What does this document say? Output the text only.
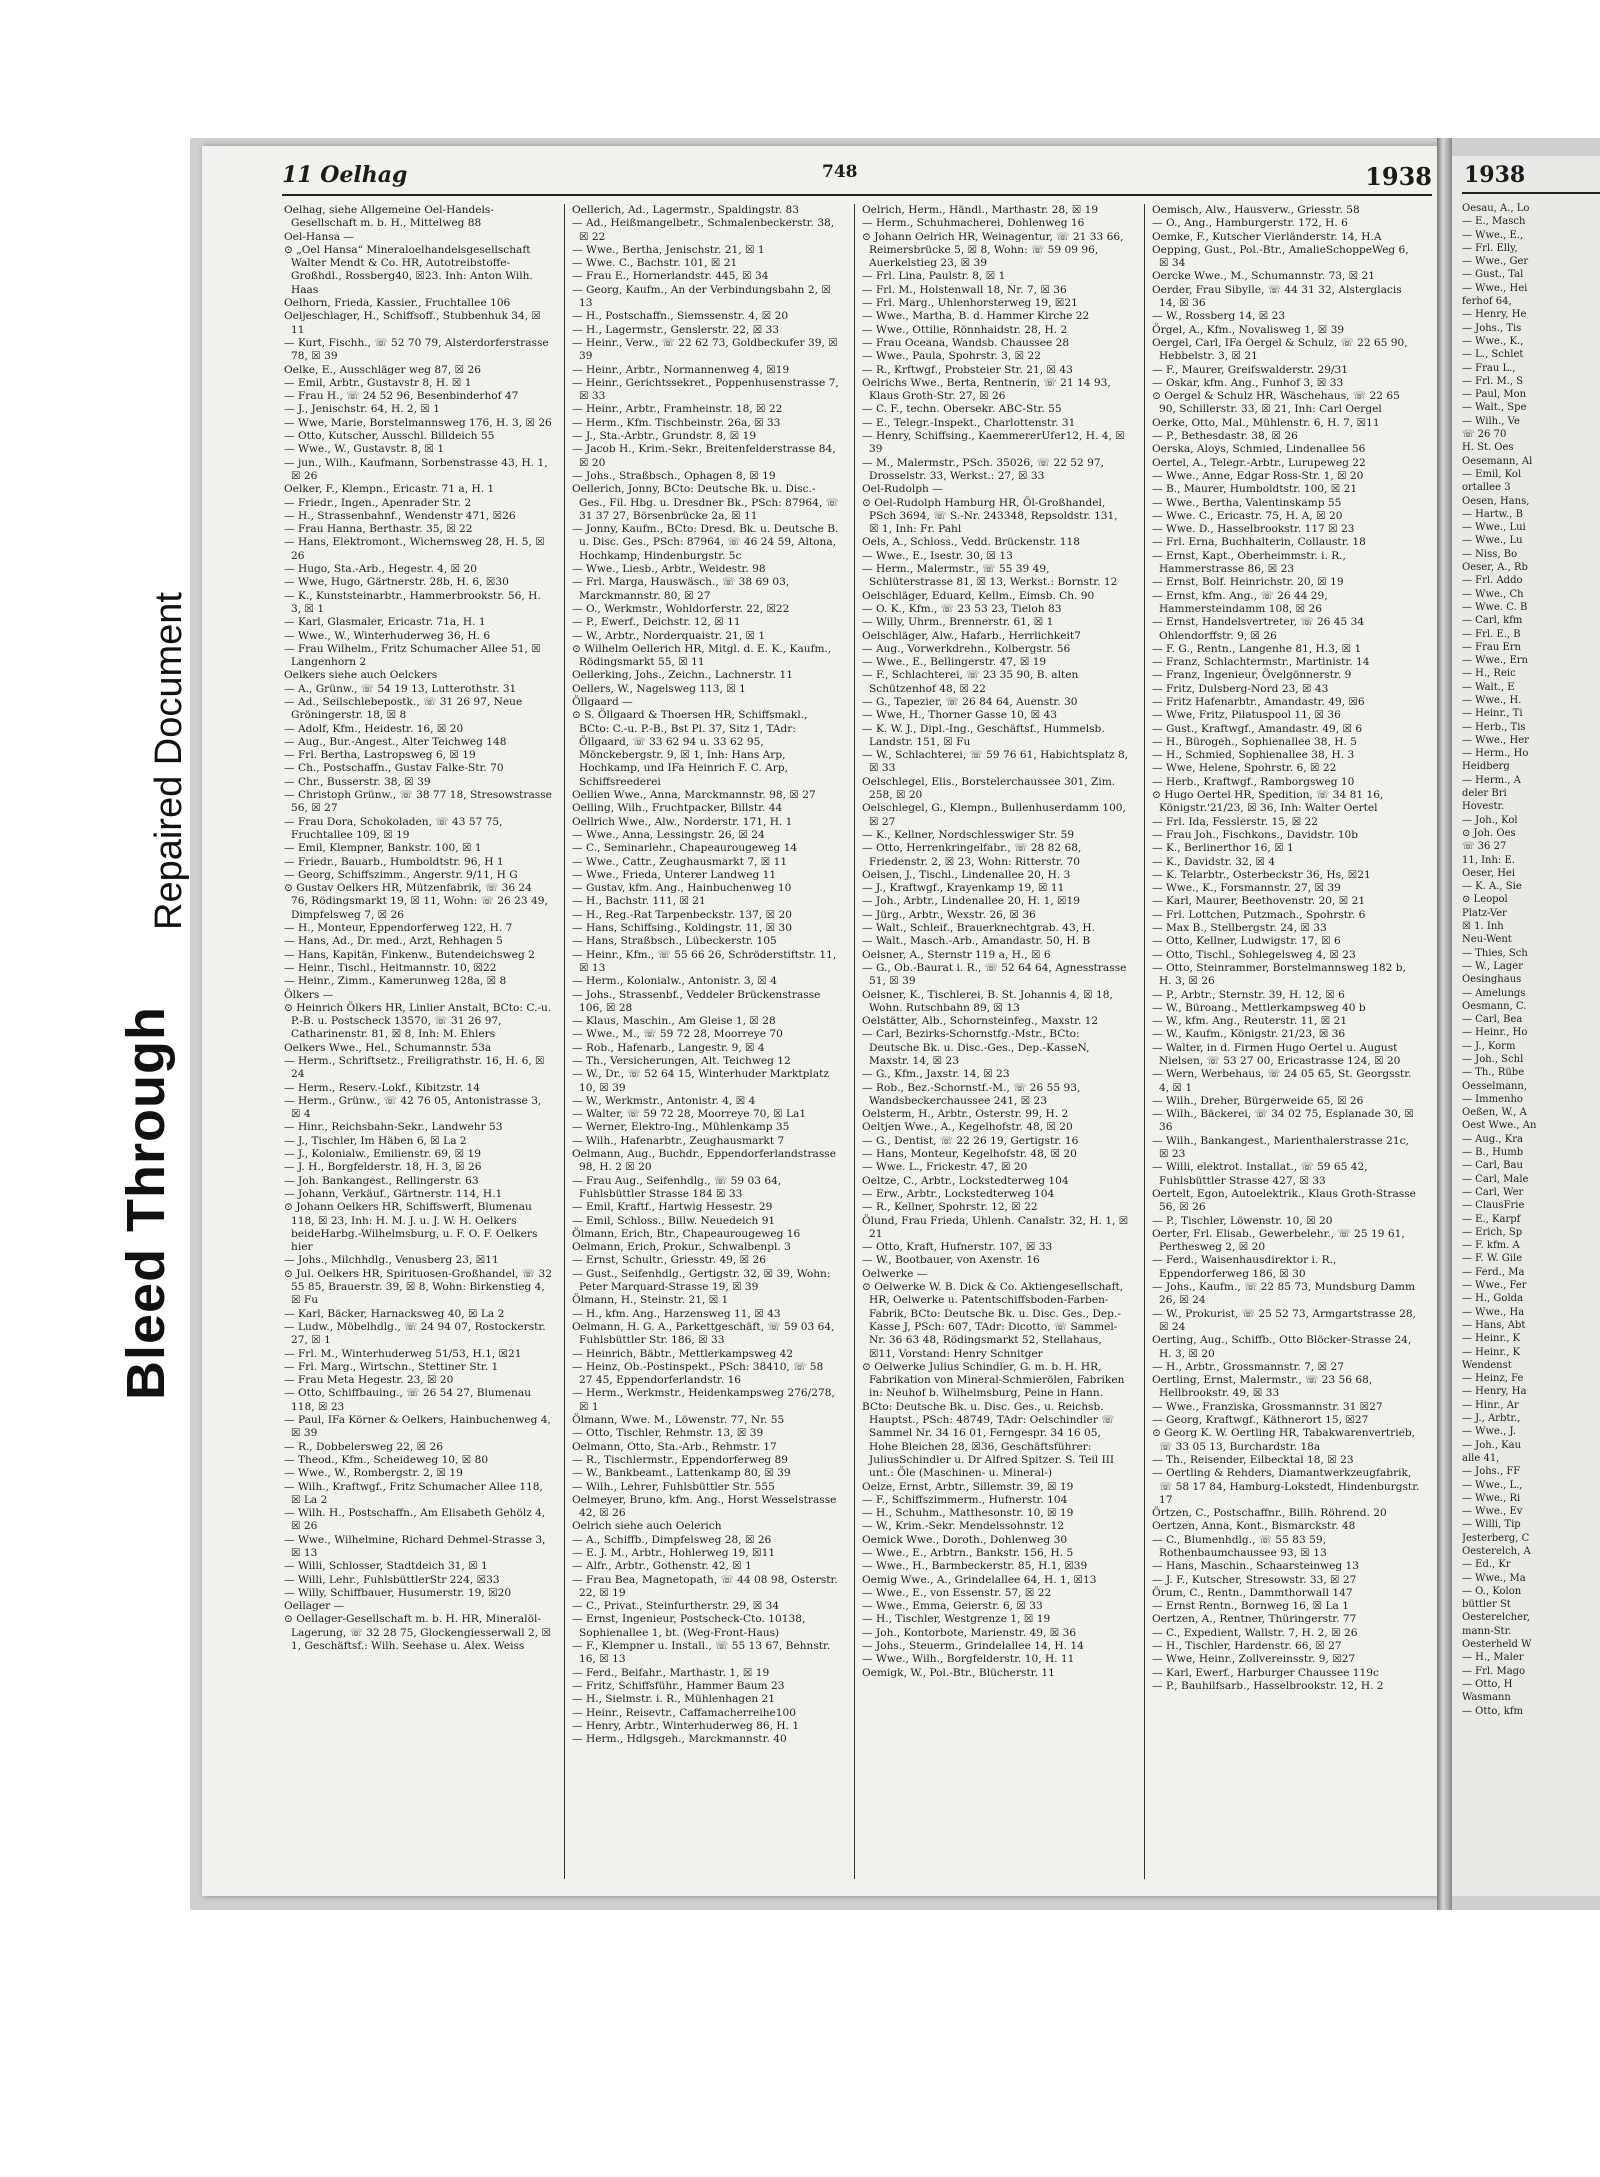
Bleed Through
Repaired Document
11 Oelhag	748	1938

Oelhag, siehe Allgemeine Oel-Handels-Gesellschaft m. b. H., Mittelweg 88

Oel-Hansa —

⊙ „Oel Hansa“ Mineraloelhandelsgesellschaft Walter Mendt & Co. HR, Autotreibstoffe-Großhdl., Rossberg40, ☒23. Inh: Anton Wilh. Haas

Oelhorn, Frieda, Kassier., Fruchtallee 106

Oeljeschlager, H., Schiffsoff., Stubbenhuk 34, ☒ 11

— Kurt, Fischh., ☏ 52 70 79, Alsterdorferstrasse 78, ☒ 39

Oelke, E., Ausschläger weg 87, ☒ 26

— Emil, Arbtr., Gustavstr 8, H. ☒ 1

— Frau H., ☏ 24 52 96, Besenbinderhof 47

— J., Jenischstr. 64, H. 2, ☒ 1

— Wwe, Marie, Borstelmannsweg 176, H. 3, ☒ 26

— Otto, Kutscher, Ausschl. Billdeich 55

— Wwe., W., Gustavstr. 8, ☒ 1

— jun., Wilh., Kaufmann, Sorbenstrasse 43, H. 1, ☒ 26

Oelker, F., Klempn., Ericastr. 71 a, H. 1

— Friedr., Ingen., Apenrader Str. 2

— H., Strassenbahnf., Wendenstr 471, ☒26

— Frau Hanna, Berthastr. 35, ☒ 22

— Hans, Elektromont., Wichernsweg 28, H. 5, ☒ 26

— Hugo, Sta.-Arb., Hegestr. 4, ☒ 20

— Wwe, Hugo, Gärtnerstr. 28b, H. 6, ☒30

— K., Kunststeinarbtr., Hammerbrookstr. 56, H. 3, ☒ 1

— Karl, Glasmaler, Ericastr. 71a, H. 1

— Wwe., W., Winterhuderweg 36, H. 6

— Frau Wilhelm., Fritz Schumacher Allee 51, ☒ Langenhorn 2

Oelkers siehe auch Oelckers

— A., Grünw., ☏ 54 19 13, Lutterothstr. 31

— Ad., Seilschlebepostk., ☏ 31 26 97, Neue Gröningerstr. 18, ☒ 8

— Adolf, Kfm., Heidestr. 16, ☒ 20

— Aug., Bur.-Angest., Alter Teichweg 148

— Frl. Bertha, Lastropsweg 6, ☒ 19

— Ch., Postschaffn., Gustav Falke-Str. 70

— Chr., Busserstr. 38, ☒ 39

— Christoph Grünw., ☏ 38 77 18, Stresowstrasse 56, ☒ 27

— Frau Dora, Schokoladen, ☏ 43 57 75, Fruchtallee 109, ☒ 19

— Emil, Klempner, Bankstr. 100, ☒ 1

— Friedr., Bauarb., Humboldtstr. 96, H 1

— Georg, Schiffszimm., Angerstr. 9/11, H G

⊙ Gustav Oelkers HR, Mützenfabrik, ☏ 36 24 76, Rödingsmarkt 19, ☒ 11, Wohn: ☏ 26 23 49, Dimpfelsweg 7, ☒ 26

— H., Monteur, Eppendorferweg 122, H. 7

— Hans, Ad., Dr. med., Arzt, Rehhagen 5

— Hans, Kapitän, Finkenw., Butendeichsweg 2

— Heinr., Tischl., Heitmannstr. 10, ☒22

— Heinr., Zimm., Kamerunweg 128a, ☒ 8

Ölkers —

⊙ Heinrich Ölkers HR, Linlier Anstalt, BCto: C.-u. P.-B. u. Postscheck 13570, ☏ 31 26 97, Catharinenstr. 81, ☒ 8, Inh: M. Ehlers

Oelkers Wwe., Hel., Schumannstr. 53a

— Herm., Schriftsetz., Freiligrathstr. 16, H. 6, ☒ 24

— Herm., Reserv.-Lokf., Kibitzstr. 14

— Herm., Grünw., ☏ 42 76 05, Antonistrasse 3, ☒ 4

— Hinr., Reichsbahn-Sekr., Landwehr 53

— J., Tischler, Im Häben 6, ☒ La 2

— J., Kolonialw., Emilienstr. 69, ☒ 19

— J. H., Borgfelderstr. 18, H. 3, ☒ 26

— Joh. Bankangest., Rellingerstr. 63

— Johann, Verkäuf., Gärtnerstr. 114, H.1

⊙ Johann Oelkers HR, Schiffswerft, Blumenau 118, ☒ 23, Inh: H. M. J. u. J. W. H. Oelkers beideHarbg.-Wilhelmsburg, u. F. O. F. Oelkers hier

— Johs., Milchhdlg., Venusberg 23, ☒11

⊙ Jul. Oelkers HR, Spirituosen-Großhandel, ☏ 32 55 85, Brauerstr. 39, ☒ 8, Wohn: Birkenstieg 4, ☒ Fu

— Karl, Bäcker, Harnacksweg 40, ☒ La 2

— Ludw., Möbelhdlg., ☏ 24 94 07, Rostockerstr. 27, ☒ 1

— Frl. M., Winterhuderweg 51/53, H.1, ☒21

— Frl. Marg., Wirtschn., Stettiner Str. 1

— Frau Meta Hegestr. 23, ☒ 20

— Otto, Schiffbauing., ☏ 26 54 27, Blumenau 118, ☒ 23

— Paul, IFa Körner & Oelkers, Hainbuchenweg 4, ☒ 39

— R., Dobbelersweg 22, ☒ 26

— Theod., Kfm., Scheideweg 10, ☒ 80

— Wwe., W., Rombergstr. 2, ☒ 19

— Wilh., Kraftwgf., Fritz Schumacher Allee 118, ☒ La 2

— Wilh. H., Postschaffn., Am Elisabeth Gehölz 4, ☒ 26

— Wwe., Wilhelmine, Richard Dehmel-Strasse 3, ☒ 13

— Willi, Schlosser, Stadtdeich 31, ☒ 1

— Willi, Lehr., FuhlsbüttlerStr 224, ☒33

— Willy, Schiffbauer, Husumerstr. 19, ☒20

Oellager —

⊙ Oellager-Gesellschaft m. b. H. HR, Mineralöl-Lagerung, ☏ 32 28 75, Glockengiesserwall 2, ☒ 1, Geschäftsf.: Wilh. Seehase u. Alex. Weiss

Oellerich, Ad., Lagermstr., Spaldingstr. 83

— Ad., Heißmangelbetr., Schmalenbeckerstr. 38, ☒ 22

— Wwe., Bertha, Jenischstr. 21, ☒ 1

— Wwe. C., Bachstr. 101, ☒ 21

— Frau E., Hornerlandstr. 445, ☒ 34

— Georg, Kaufm., An der Verbindungsbahn 2, ☒ 13

— H., Postschaffn., Siemssenstr. 4, ☒ 20

— H., Lagermstr., Genslerstr. 22, ☒ 33

— Heinr., Verw., ☏ 22 62 73, Goldbeckufer 39, ☒ 39

— Heinr., Arbtr., Normannenweg 4, ☒19

— Heinr., Gerichtssekret., Poppenhusenstrasse 7, ☒ 33

— Heinr., Arbtr., Framheinstr. 18, ☒ 22

— Herm., Kfm. Tischbeinstr. 26a, ☒ 33

— J., Sta.-Arbtr., Grundstr. 8, ☒ 19

— Jacob H., Krim.-Sekr., Breitenfelderstrasse 84, ☒ 20

— Johs., Straßbsch., Ophagen 8, ☒ 19

Oellerich, Jonny, BCto: Deutsche Bk. u. Disc.-Ges., Fil. Hbg. u. Dresdner Bk., PSch: 87964, ☏ 31 37 27, Börsenbrücke 2a, ☒ 11

— Jonny, Kaufm., BCto: Dresd. Bk. u. Deutsche B. u. Disc. Ges., PSch: 87964, ☏ 46 24 59, Altona, Hochkamp, Hindenburgstr. 5c

— Wwe., Liesb., Arbtr., Weidestr. 98

— Frl. Marga, Hauswäsch., ☏ 38 69 03, Marckmannstr. 80, ☒ 27

— O., Werkmstr., Wohldorferstr. 22, ☒22

— P., Ewerf., Deichstr. 12, ☒ 11

— W., Arbtr., Norderquaistr. 21, ☒ 1

⊙ Wilhelm Oellerich HR, Mitgl. d. E. K., Kaufm., Rödingsmarkt 55, ☒ 11

Oellerking, Johs., Zeichn., Lachnerstr. 11

Oellers, W., Nagelsweg 113, ☒ 1

Öllgaard —

⊙ S. Öllgaard & Thoersen HR, Schiffsmakl., BCto: C.-u. P.-B., Bst Pl. 37, Sitz 1, TAdr: Öllgaard, ☏ 33 62 94 u. 33 62 95, Mönckebergstr. 9, ☒ 1, Inh: Hans Arp, Hochkamp, und IFa Heinrich F. C. Arp, Schiffsreederei

Oellien Wwe., Anna, Marckmannstr. 98, ☒ 27

Oelling, Wilh., Fruchtpacker, Billstr. 44

Oellrich Wwe., Alw., Norderstr. 171, H. 1

— Wwe., Anna, Lessingstr. 26, ☒ 24

— C., Seminarlehr., Chapeaurougeweg 14

— Wwe., Cattr., Zeughausmarkt 7, ☒ 11

— Wwe., Frieda, Unterer Landweg 11

— Gustav, kfm. Ang., Hainbuchenweg 10

— H., Bachstr. 111, ☒ 21

— H., Reg.-Rat Tarpenbeckstr. 137, ☒ 20

— Hans, Schiffsing., Koldingstr. 11, ☒ 30

— Hans, Straßbsch., Lübeckerstr. 105

— Heinr., Kfm., ☏ 55 66 26, Schröderstiftstr. 11, ☒ 13

— Herm., Kolonialw., Antonistr. 3, ☒ 4

— Johs., Strassenbf., Veddeler Brückenstrasse 106, ☒ 28

— Klaus, Maschin., Am Gleise 1, ☒ 28

— Wwe., M., ☏ 59 72 28, Moorreye 70

— Rob., Hafenarb., Langestr. 9, ☒ 4

— Th., Versicherungen, Alt. Teichweg 12

— W., Dr., ☏ 52 64 15, Winterhuder Marktplatz 10, ☒ 39

— W., Werkmstr., Antonistr. 4, ☒ 4

— Walter, ☏ 59 72 28, Moorreye 70, ☒ La1

— Werner, Elektro-Ing., Mühlenkamp 35

— Wilh., Hafenarbtr., Zeughausmarkt 7

Oelmann, Aug., Buchdr., Eppendorferlandstrasse 98, H. 2 ☒ 20

— Frau Aug., Seifenhdlg., ☏ 59 03 64, Fuhlsbüttler Strasse 184 ☒ 33

— Emil, Kraftf., Hartwig Hessestr. 29

— Emil, Schloss., Billw. Neuedeich 91

Ölmann, Erich, Btr., Chapeaurougeweg 16

Oelmann, Erich, Prokur., Schwalbenpl. 3

— Ernst, Schultr., Griesstr. 49, ☒ 26

— Gust., Seifenhdlg., Gertigstr. 32, ☒ 39, Wohn: Peter Marquard-Strasse 19, ☒ 39

Ölmann, H., Steinstr. 21, ☒ 1

— H., kfm. Ang., Harzensweg 11, ☒ 43

Oelmann, H. G. A., Parkettgeschäft, ☏ 59 03 64, Fuhlsbüttler Str. 186, ☒ 33

— Heinrich, Bäbtr., Mettlerkampsweg 42

— Heinz, Ob.-Postinspekt., PSch: 38410, ☏ 58 27 45, Eppendorferlandstr. 16

— Herm., Werkmstr., Heidenkampsweg 276/278, ☒ 1

Ölmann, Wwe. M., Löwenstr. 77, Nr. 55

— Otto, Tischler, Rehmstr. 13, ☒ 39

Oelmann, Otto, Sta.-Arb., Rehmstr. 17

— R., Tischlermstr., Eppendorferweg 89

— W., Bankbeamt., Lattenkamp 80, ☒ 39

— Wilh., Lehrer, Fuhlsbüttler Str. 555

Oelmeyer, Bruno, kfm. Ang., Horst Wesselstrasse 42, ☒ 26

Oelrich siehe auch Oelerich

— A., Schiffb., Dimpfelsweg 28, ☒ 26

— E. J. M., Arbtr., Hohlerweg 19, ☒11

— Alfr., Arbtr., Gothenstr. 42, ☒ 1

— Frau Bea, Magnetopath, ☏ 44 08 98, Osterstr. 22, ☒ 19

— C., Privat., Steinfurtherstr. 29, ☒ 34

— Ernst, Ingenieur, Postscheck-Cto. 10138, Sophienallee 1, bt. (Weg-Front-Haus)

— F., Klempner u. Install., ☏ 55 13 67, Behnstr. 16, ☒ 13

— Ferd., Beifahr., Marthastr. 1, ☒ 19

— Fritz, Schiffsführ., Hammer Baum 23

— H., Sielmstr. i. R., Mühlenhagen 21

— Heinr., Reisevtr., Caffamacherreihe100

— Henry, Arbtr., Winterhuderweg 86, H. 1

— Herm., Hdlgsgeh., Marckmannstr. 40

Oelrich, Herm., Händl., Marthastr. 28, ☒ 19

— Herm., Schuhmacherei, Dohlenweg 16

⊙ Johann Oelrich HR, Weinagentur, ☏ 21 33 66, Reimersbrücke 5, ☒ 8, Wohn: ☏ 59 09 96, Auerkelstieg 23, ☒ 39

— Frl. Lina, Paulstr. 8, ☒ 1

— Frl. M., Holstenwall 18, Nr. 7, ☒ 36

— Frl. Marg., Uhlenhorsterweg 19, ☒21

— Wwe., Martha, B. d. Hammer Kirche 22

— Wwe., Ottilie, Rönnhaidstr. 28, H. 2

— Frau Oceana, Wandsb. Chaussee 28

— Wwe., Paula, Spohrstr. 3, ☒ 22

— R., Krftwgf., Probsteier Str. 21, ☒ 43

Oelrichs Wwe., Berta, Rentnerin, ☏ 21 14 93, Klaus Groth-Str. 27, ☒ 26

— C. F., techn. Obersekr. ABC-Str. 55

— E., Telegr.-Inspekt., Charlottenstr. 31

— Henry, Schiffsing., KaemmererUfer12, H. 4, ☒ 39

— M., Malermstr., PSch. 35026, ☏ 22 52 97, Drosselstr. 33, Werkst.: 27, ☒ 33

Oel-Rudolph —

⊙ Oel-Rudolph Hamburg HR, Öl-Großhandel, PSch 3694, ☏ S.-Nr. 243348, Repsoldstr. 131, ☒ 1, Inh: Fr. Pahl

Oels, A., Schloss., Vedd. Brückenstr. 118

— Wwe., E., Isestr. 30, ☒ 13

— Herm., Malermstr., ☏ 55 39 49, Schlüterstrasse 81, ☒ 13, Werkst.: Bornstr. 12

Oelschläger, Eduard, Kellm., Eimsb. Ch. 90

— O. K., Kfm., ☏ 23 53 23, Tieloh 83

— Willy, Uhrm., Brennerstr. 61, ☒ 1

Oelschläger, Alw., Hafarb., Herrlichkeit7

— Aug., Vorwerkdrehn., Kolbergstr. 56

— Wwe., E., Bellingerstr. 47, ☒ 19

— F., Schlachterei, ☏ 23 35 90, B. alten Schützenhof 48, ☒ 22

— G., Tapezier, ☏ 26 84 64, Auenstr. 30

— Wwe, H., Thorner Gasse 10, ☒ 43

— K. W. J., Dipl.-Ing., Geschäftsf., Hummelsb. Landstr. 151, ☒ Fu

— W., Schlachterei, ☏ 59 76 61, Habichtsplatz 8, ☒ 33

Oelschlegel, Elis., Borstelerchaussee 301, Zim. 258, ☒ 20

Oelschlegel, G., Klempn., Bullenhuserdamm 100, ☒ 27

— K., Kellner, Nordschlesswiger Str. 59

— Otto, Herrenkringelfabr., ☏ 28 82 68, Friedenstr. 2, ☒ 23, Wohn: Ritterstr. 70

Oelsen, J., Tischl., Lindenallee 20, H. 3

— J., Kraftwgf., Krayenkamp 19, ☒ 11

— Joh., Arbtr., Lindenallee 20, H. 1, ☒19

— Jürg., Arbtr., Wexstr. 26, ☒ 36

— Walt., Schleif., Brauerknechtgrab. 43, H.

— Walt., Masch.-Arb., Amandastr. 50, H. B

Oelsner, A., Sternstr 119 a, H., ☒ 6

— G., Ob.-Baurat i. R., ☏ 52 64 64, Agnesstrasse 51, ☒ 39

Oelsner, K., Tischlerei, B. St. Johannis 4, ☒ 18, Wohn. Rutschbahn 89, ☒ 13

Oelstätter, Alb., Schornsteinfeg., Maxstr. 12

— Carl, Bezirks-Schornstfg.-Mstr., BCto: Deutsche Bk. u. Disc.-Ges., Dep.-KasseN, Maxstr. 14, ☒ 23

— G., Kfm., Jaxstr. 14, ☒ 23

— Rob., Bez.-Schornstf.-M., ☏ 26 55 93, Wandsbeckerchaussee 241, ☒ 23

Oelsterm, H., Arbtr., Osterstr. 99, H. 2

Oeltjen Wwe., A., Kegelhofstr. 48, ☒ 20

— G., Dentist, ☏ 22 26 19, Gertigstr. 16

— Hans, Monteur, Kegelhofstr. 48, ☒ 20

— Wwe. L., Frickestr. 47, ☒ 20

Oeltze, C., Arbtr., Lockstedterweg 104

— Erw., Arbtr., Lockstedterweg 104

— R., Kellner, Spohrstr. 12, ☒ 22

Ölund, Frau Frieda, Uhlenh. Canalstr. 32, H. 1, ☒ 21

— Otto, Kraft, Hufnerstr. 107, ☒ 33

— W., Bootbauer, von Axenstr. 16

Oelwerke —

⊙ Oelwerke W. B. Dick & Co. Aktiengesellschaft, HR, Oelwerke u. Patentschiffsboden-Farben-Fabrik, BCto: Deutsche Bk. u. Disc. Ges., Dep.-Kasse J, PSch: 607, TAdr: Dicotto, ☏ Sammel-Nr. 36 63 48, Rödingsmarkt 52, Stellahaus, ☒11, Vorstand: Henry Schnitger

⊙ Oelwerke Julius Schindler, G. m. b. H. HR, Fabrikation von Mineral-Schmierölen, Fabriken in: Neuhof b. Wilhelmsburg, Peine in Hann.

BCto: Deutsche Bk. u. Disc. Ges., u. Reichsb. Hauptst., PSch: 48749, TAdr: Oelschindler ☏ Sammel Nr. 34 16 01, Ferngespr. 34 16 05, Hohe Bleichen 28, ☒36, Geschäftsführer: JuliusSchindler u. Dr Alfred Spitzer. S. Teil III unt.: Öle (Maschinen- u. Mineral-)

Oelze, Ernst, Arbtr., Sillemstr. 39, ☒ 19

— F., Schiffszimmerm., Hufnerstr. 104

— H., Schuhm., Matthesonstr. 10, ☒ 19

— W., Krim.-Sekr. Mendelssohnstr. 12

Oemick Wwe., Doroth., Dohlenweg 30

— Wwe., E., Arbtrn., Bankstr. 156, H. 5

— Wwe., H., Barmbeckerstr. 85, H.1, ☒39

Oemig Wwe., A., Grindelallee 64, H. 1, ☒13

— Wwe., E., von Essenstr. 57, ☒ 22

— Wwe., Emma, Geierstr. 6, ☒ 33

— H., Tischler, Westgrenze 1, ☒ 19

— Joh., Kontorbote, Marienstr. 49, ☒ 36

— Johs., Steuerm., Grindelallee 14, H. 14

— Wwe., Wilh., Borgfelderstr. 10, H. 11

Oemigk, W., Pol.-Btr., Blücherstr. 11

Oemisch, Alw., Hausverw., Griesstr. 58

— O., Ang., Hamburgerstr. 172, H. 6

Oemke, F., Kutscher Vierländerstr. 14, H.A

Oepping, Gust., Pol.-Btr., AmalieSchoppeWeg 6, ☒ 34

Oercke Wwe., M., Schumannstr. 73, ☒ 21

Oerder, Frau Sibylle, ☏ 44 31 32, Alsterglacis 14, ☒ 36

— W., Rossberg 14, ☒ 23

Örgel, A., Kfm., Novalisweg 1, ☒ 39

Oergel, Carl, IFa Oergel & Schulz, ☏ 22 65 90, Hebbelstr. 3, ☒ 21

— F., Maurer, Greifswalderstr. 29/31

— Oskar, kfm. Ang., Funhof 3, ☒ 33

⊙ Oergel & Schulz HR, Wäschehaus, ☏ 22 65 90, Schillerstr. 33, ☒ 21, Inh: Carl Oergel

Oerke, Otto, Mal., Mühlenstr. 6, H. 7, ☒11

— P., Bethesdastr. 38, ☒ 26

Oerska, Aloys, Schmied, Lindenallee 56

Oertel, A., Telegr.-Arbtr., Lurupeweg 22

— Wwe., Anne, Edgar Ross-Str. 1, ☒ 20

— B., Maurer, Humboldtstr. 100, ☒ 21

— Wwe., Bertha, Valentinskamp 55

— Wwe. C., Ericastr. 75, H. A, ☒ 20

— Wwe. D., Hasselbrookstr. 117 ☒ 23

— Frl. Erna, Buchhalterin, Collaustr. 18

— Ernst, Kapt., Oberheimmstr. i. R., Hammerstrasse 86, ☒ 23

— Ernst, Bolf. Heinrichstr. 20, ☒ 19

— Ernst, kfm. Ang., ☏ 26 44 29, Hammersteindamm 108, ☒ 26

— Ernst, Handelsvertreter, ☏ 26 45 34 Ohlendorffstr. 9, ☒ 26

— F. G., Rentn., Langenhe 81, H.3, ☒ 1

— Franz, Schlachtermstr., Martinistr. 14

— Franz, Ingenieur, Övelgönnerstr. 9

— Fritz, Dulsberg-Nord 23, ☒ 43

— Fritz Hafenarbtr., Amandastr. 49, ☒6

— Wwe, Fritz, Pilatuspool 11, ☒ 36

— Gust., Kraftwgf., Amandastr. 49, ☒ 6

— H., Bürogeh., Sophienallee 38, H. 5

— H., Schmied, Sophienallee 38, H. 3

— Wwe, Helene, Spohrstr. 6, ☒ 22

— Herb., Kraftwgf., Ramborgsweg 10

⊙ Hugo Oertel HR, Spedition, ☏ 34 81 16, Königstr.'21/23, ☒ 36, Inh: Walter Oertel

— Frl. Ida, Fesslerstr. 15, ☒ 22

— Frau Joh., Fischkons., Davidstr. 10b

— K., Berlinerthor 16, ☒ 1

— K., Davidstr. 32, ☒ 4

— K. Telarbtr., Osterbeckstr 36, Hs, ☒21

— Wwe., K., Forsmannstr. 27, ☒ 39

— Karl, Maurer, Beethovenstr. 20, ☒ 21

— Frl. Lottchen, Putzmach., Spohrstr. 6

— Max B., Stellbergstr. 24, ☒ 33

— Otto, Kellner, Ludwigstr. 17, ☒ 6

— Otto, Tischl., Sohlegelsweg 4, ☒ 23

— Otto, Steinrammer, Borstelmannsweg 182 b, H. 3, ☒ 26

— P., Arbtr., Sternstr. 39, H. 12, ☒ 6

— W., Büroang., Mettlerkampsweg 40 b

— W., kfm. Ang., Reuterstr. 11, ☒ 21

— W., Kaufm., Königstr. 21/23, ☒ 36

— Walter, in d. Firmen Hugo Oertel u. August Nielsen, ☏ 53 27 00, Ericastrasse 124, ☒ 20

— Wern, Werbehaus, ☏ 24 05 65, St. Georgsstr. 4, ☒ 1

— Wilh., Dreher, Bürgerweide 65, ☒ 26

— Wilh., Bäckerei, ☏ 34 02 75, Esplanade 30, ☒ 36

— Wilh., Bankangest., Marienthalerstrasse 21c, ☒ 23

— Willi, elektrot. Installat., ☏ 59 65 42, Fuhlsbüttler Strasse 427, ☒ 33

Oertelt, Egon, Autoelektrik., Klaus Groth-Strasse 56, ☒ 26

— P., Tischler, Löwenstr. 10, ☒ 20

Oerter, Frl. Elisab., Gewerbelehr., ☏ 25 19 61, Perthesweg 2, ☒ 20

— Ferd., Waisenhausdirektor i. R., Eppendorferweg 186, ☒ 30

— Johs., Kaufm., ☏ 22 85 73, Mundsburg Damm 26, ☒ 24

— W., Prokurist, ☏ 25 52 73, Armgartstrasse 28, ☒ 24

Oerting, Aug., Schiffb., Otto Blöcker-Strasse 24, H. 3, ☒ 20

— H., Arbtr., Grossmannstr. 7, ☒ 27

Oertling, Ernst, Malermstr., ☏ 23 56 68, Hellbrookstr. 49, ☒ 33

— Wwe., Franziska, Grossmannstr. 31 ☒27

— Georg, Kraftwgf., Käthnerort 15, ☒27

⊙ Georg K. W. Oertling HR, Tabakwarenvertrieb, ☏ 33 05 13, Burchardstr. 18a

— Th., Reisender, Eilbecktal 18, ☒ 23

— Oertling & Rehders, Diamantwerkzeugfabrik, ☏ 58 17 84, Hamburg-Lokstedt, Hindenburgstr. 17

Örtzen, C., Postschaffnr., Billh. Röhrend. 20

Oertzen, Anna, Kont., Bismarckstr. 48

— C., Blumenhdlg., ☏ 55 83 59, Rothenbaumchaussee 93, ☒ 13

— Hans, Maschin., Schaarsteinweg 13

— J. F., Kutscher, Stresowstr. 33, ☒ 27

Örum, C., Rentn., Dammthorwall 147

— Ernst Rentn., Bornweg 16, ☒ La 1

Oertzen, A., Rentner, Thüringerstr. 77

— C., Expedient, Wallstr. 7, H. 2, ☒ 26

— H., Tischler, Hardenstr. 66, ☒ 27

— Wwe, Heinr., Zollvereinsstr. 9, ☒27

— Karl, Ewerf., Harburger Chaussee 119c

— P., Bauhilfsarb., Hasselbrookstr. 12, H. 2

1938

Oesau, A., Lo

— E., Masch

— Wwe., E.,

— Frl. Elly,

— Wwe., Ger

— Gust., Tal

— Wwe., Hei

ferhof 64,

— Henry, He

— Johs., Tis

— Wwe., K.,

— L., Schlet

— Frau L.,

— Frl. M., S

— Paul, Mon

— Walt., Spe

— Wilh., Ve

☏ 26 70

H. St. Oes

Oesemann, Al

— Emil, Kol

ortallee 3

Oesen, Hans,

— Hartw., B

— Wwe., Lui

— Wwe., Lu

— Niss, Bo

Oeser, A., Rb

— Frl. Addo

— Wwe., Ch

— Wwe. C. B

— Carl, kfm

— Frl. E., B

— Frau Ern

— Wwe., Ern

— H., Reic

— Walt., E

— Wwe., H.

— Heinr., Ti

— Herb., Tis

— Wwe., Her

— Herm., Ho

Heidberg

— Herm., A

deler Bri

Hovestr.

— Joh., Kol

⊙ Joh. Oes

☏ 36 27

11, Inh: E.

Oeser, Hei

— K. A., Sie

⊙ Leopol

Platz-Ver

☒ 1. Inh

Neu-Went

— Thies, Sch

— W., Lager

Oesinghaus

— Amelungs

Oesmann, C.

— Carl, Bea

— Heinr., Ho

— J., Korm

— Joh., Schl

— Th., Rübe

Oesselmann,

— Immenho

Oeßen, W., A

Oest Wwe., An

— Aug., Kra

— B., Humb

— Carl, Bau

— Carl, Male

— Carl, Wer

— ClausFrie

— E., Karpf

— Erich, Sp

— F. kfm. A

— F. W. Gile

— Ferd., Ma

— Wwe., Fer

— H., Golda

— Wwe., Ha

— Hans, Abt

— Heinr., K

— Heinr., K

Wendenst

— Heinz, Fe

— Henry, Ha

— Hinr., Ar

— J., Arbtr.,

— Wwe., J.

— Joh., Kau

alle 41,

— Johs., FF

— Wwe., L.,

— Wwe., Ri

— Wwe., Ev

— Willi, Tip

Jesterberg, C

Oesterelch, A

— Ed., Kr

— Wwe., Ma

— O., Kolon

büttler St

Oesterelcher,

mann-Str.

Oesterheld W

— H., Maler

— Frl. Mago

— Otto, H

Wasmann

— Otto, kfm
